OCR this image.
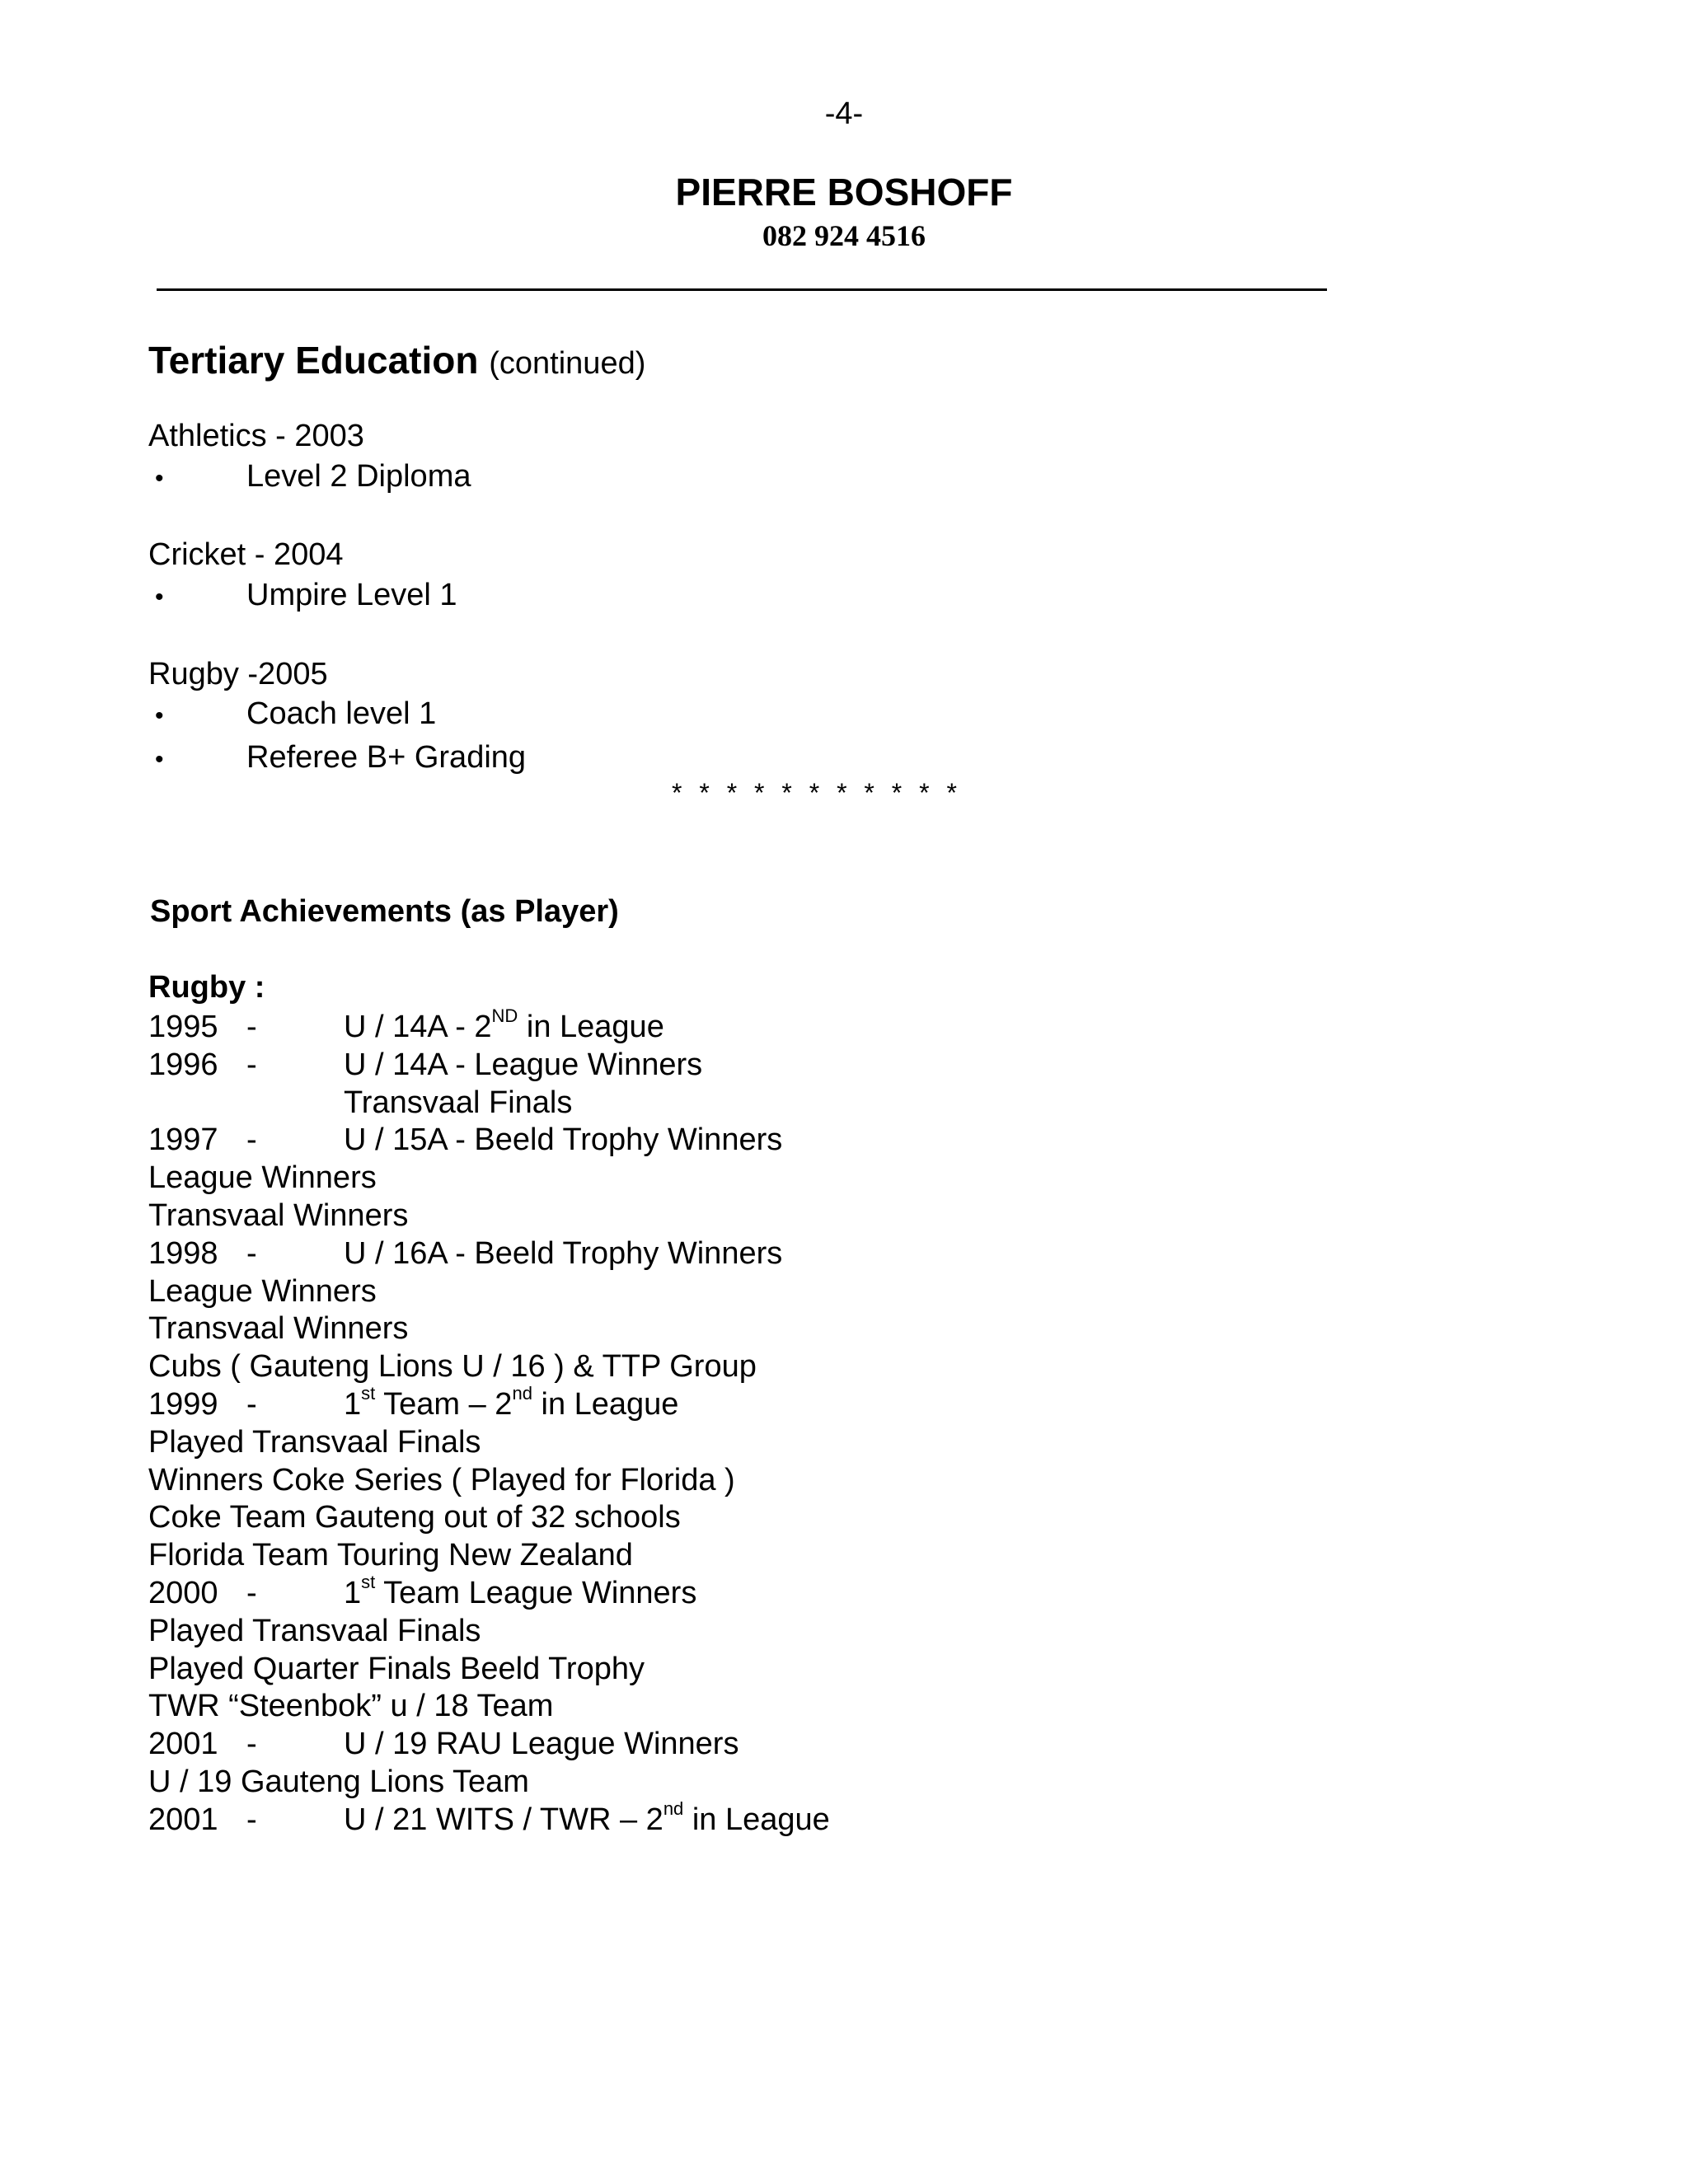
-4-
PIERRE BOSHOFF
082 924 4516
Tertiary Education (continued)
Athletics - 2003
•	Level 2 Diploma
Cricket - 2004
•	Umpire Level 1
Rugby -2005
•	Coach level 1
•	Referee B+ Grading
* * * * * * * * * * *
Sport Achievements (as Player)
Rugby :
1995 -	U / 14A - 2ND in League
1996 -	U / 14A - League Winners
Transvaal Finals
1997 -	U / 15A - Beeld Trophy Winners
League Winners
Transvaal Winners
1998 -	U / 16A - Beeld Trophy Winners
League Winners
Transvaal Winners
Cubs ( Gauteng Lions U / 16 ) & TTP Group
1999 -	1st Team – 2nd in League
Played Transvaal Finals
Winners Coke Series ( Played for Florida )
Coke Team Gauteng out of 32 schools
Florida Team Touring New Zealand
2000 -	1st Team League Winners
Played Transvaal Finals
Played Quarter Finals Beeld Trophy
TWR “Steenbok” u / 18 Team
2001 -	U / 19 RAU League Winners
U / 19 Gauteng Lions Team
2001 -	U / 21 WITS / TWR – 2nd in League
